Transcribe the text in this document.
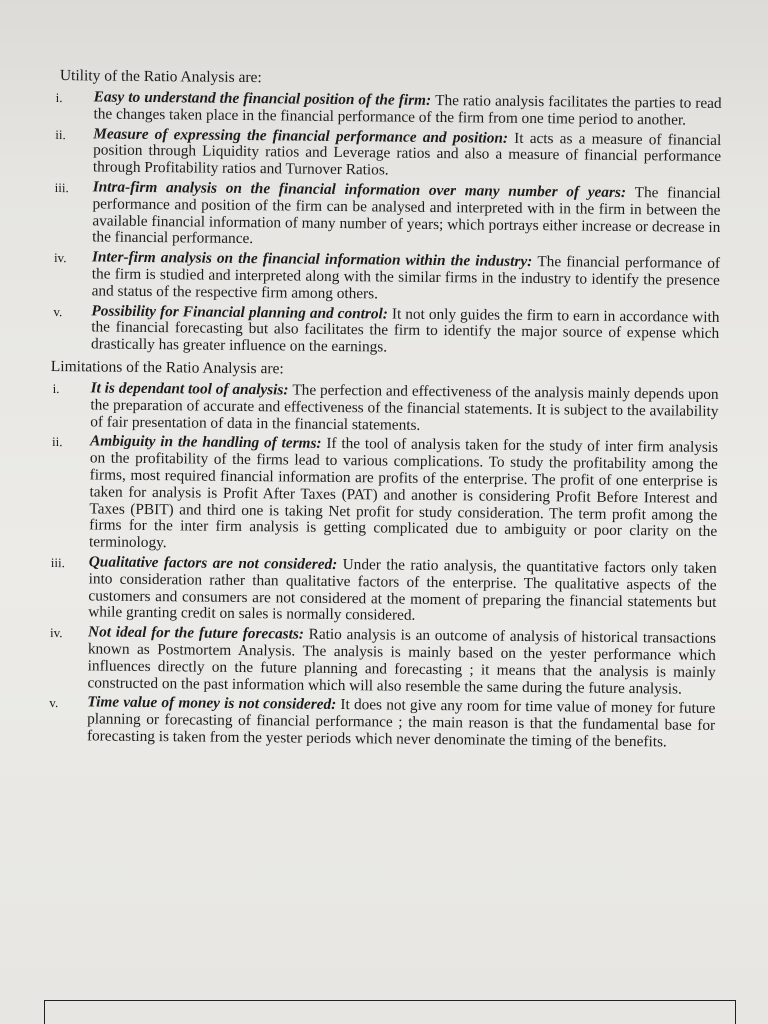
Utility of the Ratio Analysis are:
i. Easy to understand the financial position of the firm: The ratio analysis facilitates the parties to read the changes taken place in the financial performance of the firm from one time period to another.
ii. Measure of expressing the financial performance and position: It acts as a measure of financial position through Liquidity ratios and Leverage ratios and also a measure of financial performance through Profitability ratios and Turnover Ratios.
iii. Intra-firm analysis on the financial information over many number of years: The financial performance and position of the firm can be analysed and interpreted with in the firm in between the available financial information of many number of years; which portrays either increase or decrease in the financial performance.
iv. Inter-firm analysis on the financial information within the industry: The financial performance of the firm is studied and interpreted along with the similar firms in the industry to identify the presence and status of the respective firm among others.
v. Possibility for Financial planning and control: It not only guides the firm to earn in accordance with the financial forecasting but also facilitates the firm to identify the major source of expense which drastically has greater influence on the earnings.
Limitations of the Ratio Analysis are:
i. It is dependant tool of analysis: The perfection and effectiveness of the analysis mainly depends upon the preparation of accurate and effectiveness of the financial statements. It is subject to the availability of fair presentation of data in the financial statements.
ii. Ambiguity in the handling of terms: If the tool of analysis taken for the study of inter firm analysis on the profitability of the firms lead to various complications. To study the profitability among the firms, most required financial information are profits of the enterprise. The profit of one enterprise is taken for analysis is Profit After Taxes (PAT) and another is considering Profit Before Interest and Taxes (PBIT) and third one is taking Net profit for study consideration. The term profit among the firms for the inter firm analysis is getting complicated due to ambiguity or poor clarity on the terminology.
iii. Qualitative factors are not considered: Under the ratio analysis, the quantitative factors only taken into consideration rather than qualitative factors of the enterprise. The qualitative aspects of the customers and consumers are not considered at the moment of preparing the financial statements but while granting credit on sales is normally considered.
iv. Not ideal for the future forecasts: Ratio analysis is an outcome of analysis of historical transactions known as Postmortem Analysis. The analysis is mainly based on the yester performance which influences directly on the future planning and forecasting ; it means that the analysis is mainly constructed on the past information which will also resemble the same during the future analysis.
v. Time value of money is not considered: It does not give any room for time value of money for future planning or forecasting of financial performance ; the main reason is that the fundamental base for forecasting is taken from the yester periods which never denominate the timing of the benefits.
